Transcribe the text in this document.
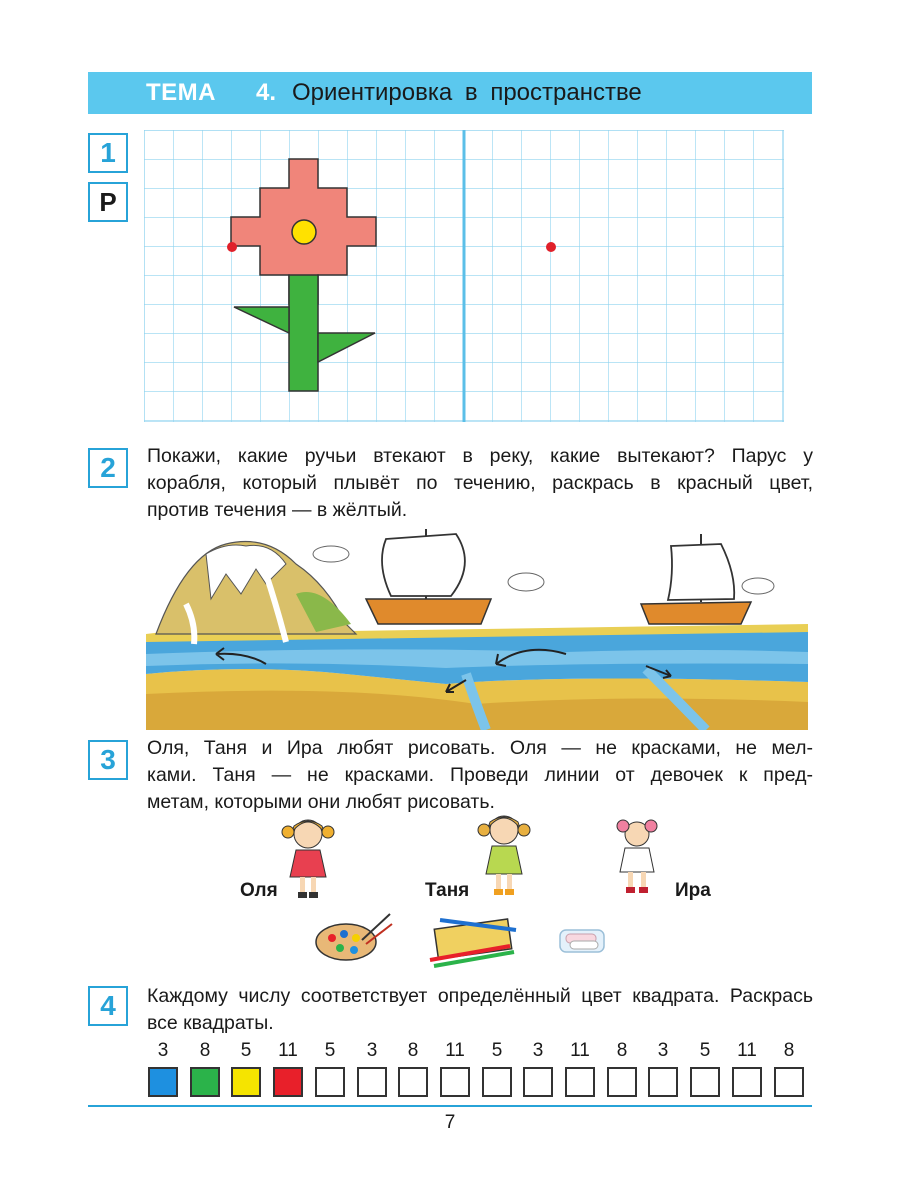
ТЕМА 4. Ориентировка в пространстве
1
Р
2	Покажи, какие ручьи втекают в реку, какие вытекают? Парус у
корабля, который плывёт по течению, раскрась в красный цвет,
против течения — в жёлтый.
3	Оля, Таня и Ира любят рисовать. Оля — не красками, не мел-
ками. Таня — не красками. Проведи линии от девочек к пред-
метам, которыми они любят рисовать.
Оля	Таня	Ира
4	Каждому числу соответствует определённый цвет квадрата. Раскрась
все квадраты.
3	8	5	11	5	3	8	11	5	3	11	8	3	5	11	8
7
